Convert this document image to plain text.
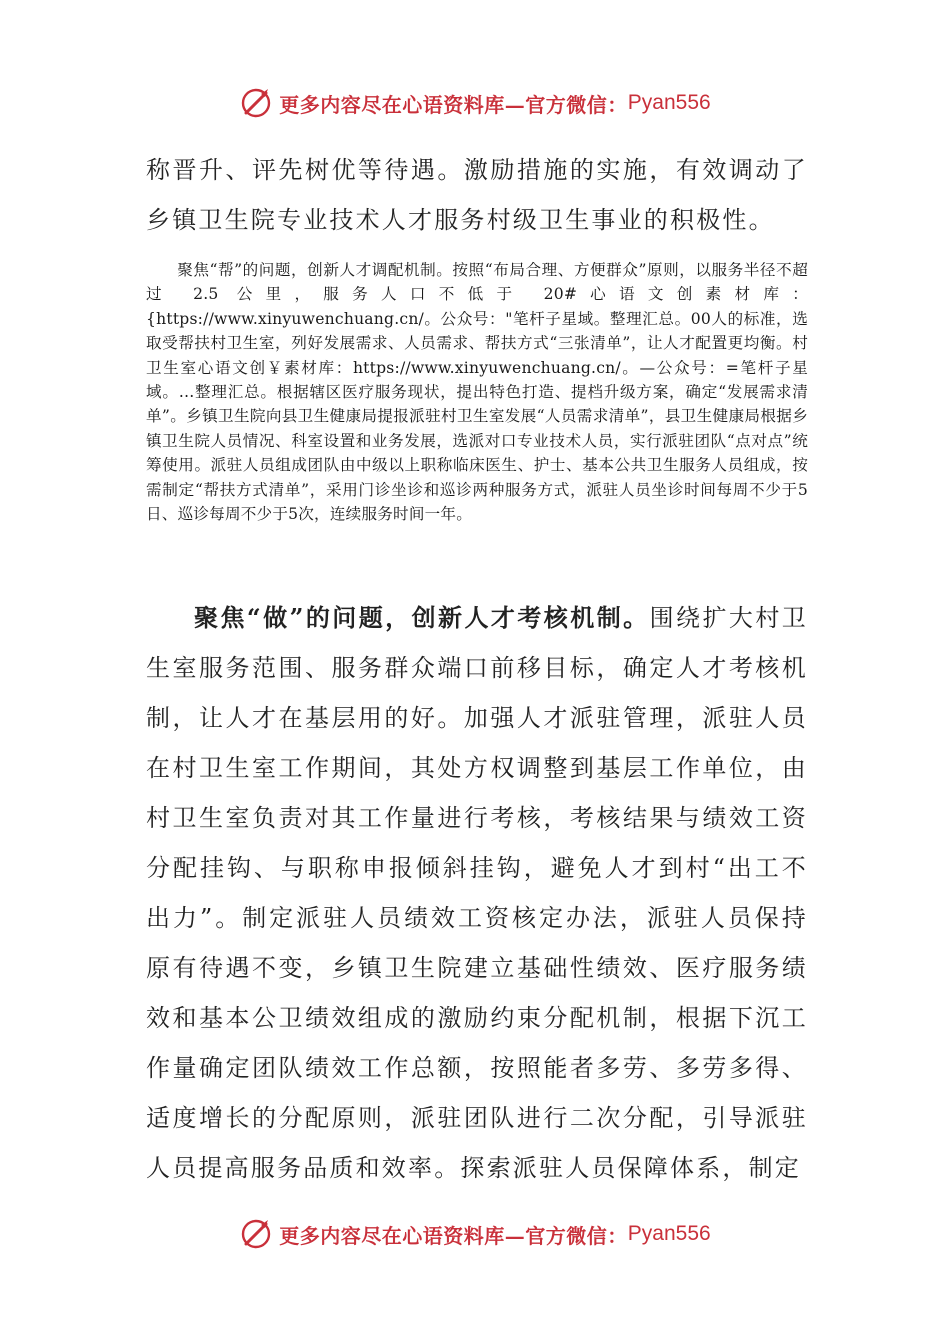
更多内容尽在心语资料库—官方微信： Pyan556

称晋升、评先树优等待遇。激励措施的实施，有效调动了乡镇卫生院专业技术人才服务村级卫生事业的积极性。

聚焦“帮”的问题，创新人才调配机制。按照“布局合理、方便群众”原则，以服务半径不超过 2.5 公里，服务人口不低于 20#心语文创素材库：{https://www.xinyuwenchuang.cn/。公众号："笔杆子星域。整理汇总。00人的标准，选取受帮扶村卫生室，列好发展需求、人员需求、帮扶方式“三张清单”，让人才配置更均衡。村卫生室心语文创￥素材库：https://www.xinyuwenchuang.cn/。—公众号：=笔杆子星域。…整理汇总。根据辖区医疗服务现状，提出特色打造、提档升级方案，确定“发展需求清单”。乡镇卫生院向县卫生健康局提报派驻村卫生室发展“人员需求清单”，县卫生健康局根据乡镇卫生院人员情况、科室设置和业务发展，选派对口专业技术人员，实行派驻团队“点对点”统筹使用。派驻人员组成团队由中级以上职称临床医生、护士、基本公共卫生服务人员组成，按需制定“帮扶方式清单”，采用门诊坐诊和巡诊两种服务方式，派驻人员坐诊时间每周不少于5日、巡诊每周不少于5次，连续服务时间一年。

聚焦“做”的问题，创新人才考核机制。围绕扩大村卫生室服务范围、服务群众端口前移目标，确定人才考核机制，让人才在基层用的好。加强人才派驻管理，派驻人员在村卫生室工作期间，其处方权调整到基层工作单位，由村卫生室负责对其工作量进行考核，考核结果与绩效工资分配挂钩、与职称申报倾斜挂钩，避免人才到村“出工不出力”。制定派驻人员绩效工资核定办法，派驻人员保持原有待遇不变，乡镇卫生院建立基础性绩效、医疗服务绩效和基本公卫绩效组成的激励约束分配机制，根据下沉工作量确定团队绩效工作总额，按照能者多劳、多劳多得、适度增长的分配原则，派驻团队进行二次分配，引导派驻人员提高服务品质和效率。探索派驻人员保障体系，制定

更多内容尽在心语资料库—官方微信： Pyan556
